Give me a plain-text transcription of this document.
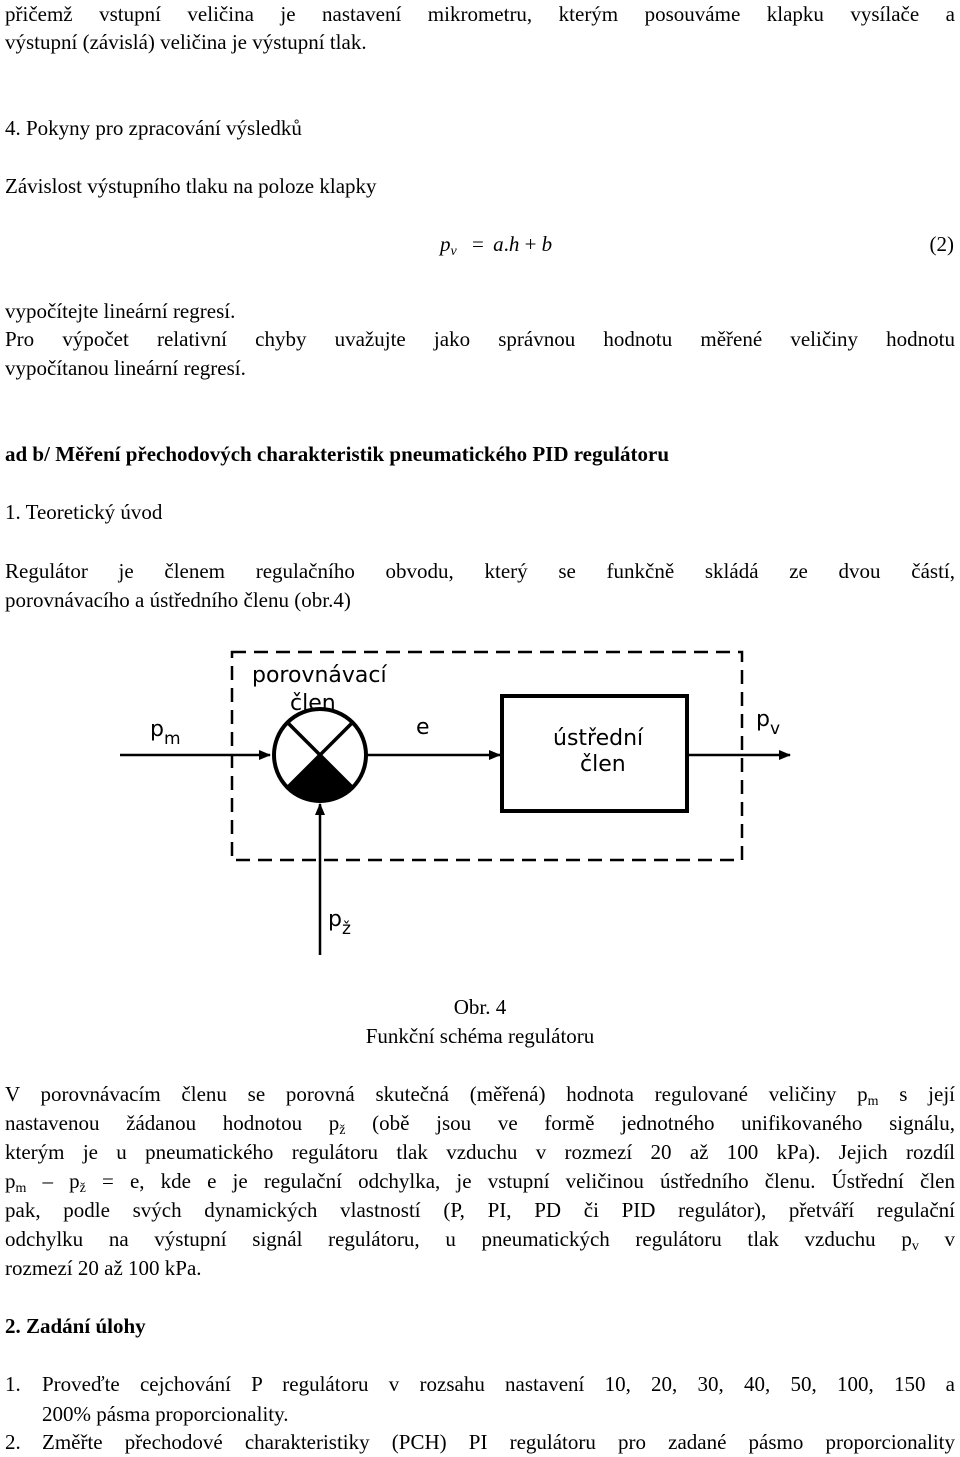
přičemž vstupní veličina je nastavení mikrometru, kterým posouváme klapku vysílače a

výstupní (závislá) veličina je výstupní tlak.

4. Pokyny pro zpracování výsledků

Závislost výstupního tlaku na poloze klapky

$p_v = a.h + b$	(2)

vypočítejte lineární regresí.

Pro výpočet relativní chyby uvažujte jako správnou hodnotu měřené veličiny hodnotu

vypočítanou lineární regresí.

ad b/ Měření přechodových charakteristik pneumatického PID regulátoru

1. Teoretický úvod

Regulátor je členem regulačního obvodu, který se funkčně skládá ze dvou částí,

porovnávacího a ústředního členu (obr.4)

$p_m$
porovnávací
člen
e	ústřední
člen
$p_v$
$p_ž$

Obr. 4

Funkční schéma regulátoru

V porovnávacím členu se porovná skutečná (měřená) hodnota regulované veličiny $p_m$ s její

nastavenou žádanou hodnotou $p_ž$ (obě jsou ve formě jednotného unifikovaného signálu,

kterým je u pneumatického regulátoru tlak vzduchu v rozmezí 20 až 100 kPa). Jejich rozdíl

$p_m - p_ž = e$, kde e je regulační odchylka, je vstupní veličinou ústředního členu. Ústřední člen

pak, podle svých dynamických vlastností (P, PI, PD či PID regulátor), přetváří regulační

odchylku na výstupní signál regulátoru, u pneumatických regulátoru tlak vzduchu $p_v$ v

rozmezí 20 až 100 kPa.

2. Zadání úlohy

1. Proveďte cejchování P regulátoru v rozsahu nastavení 10, 20, 30, 40, 50, 100, 150 a
200% pásma proporcionality.
2. Změřte přechodové charakteristiky (PCH) PI regulátoru pro zadané pásmo proporcionality
